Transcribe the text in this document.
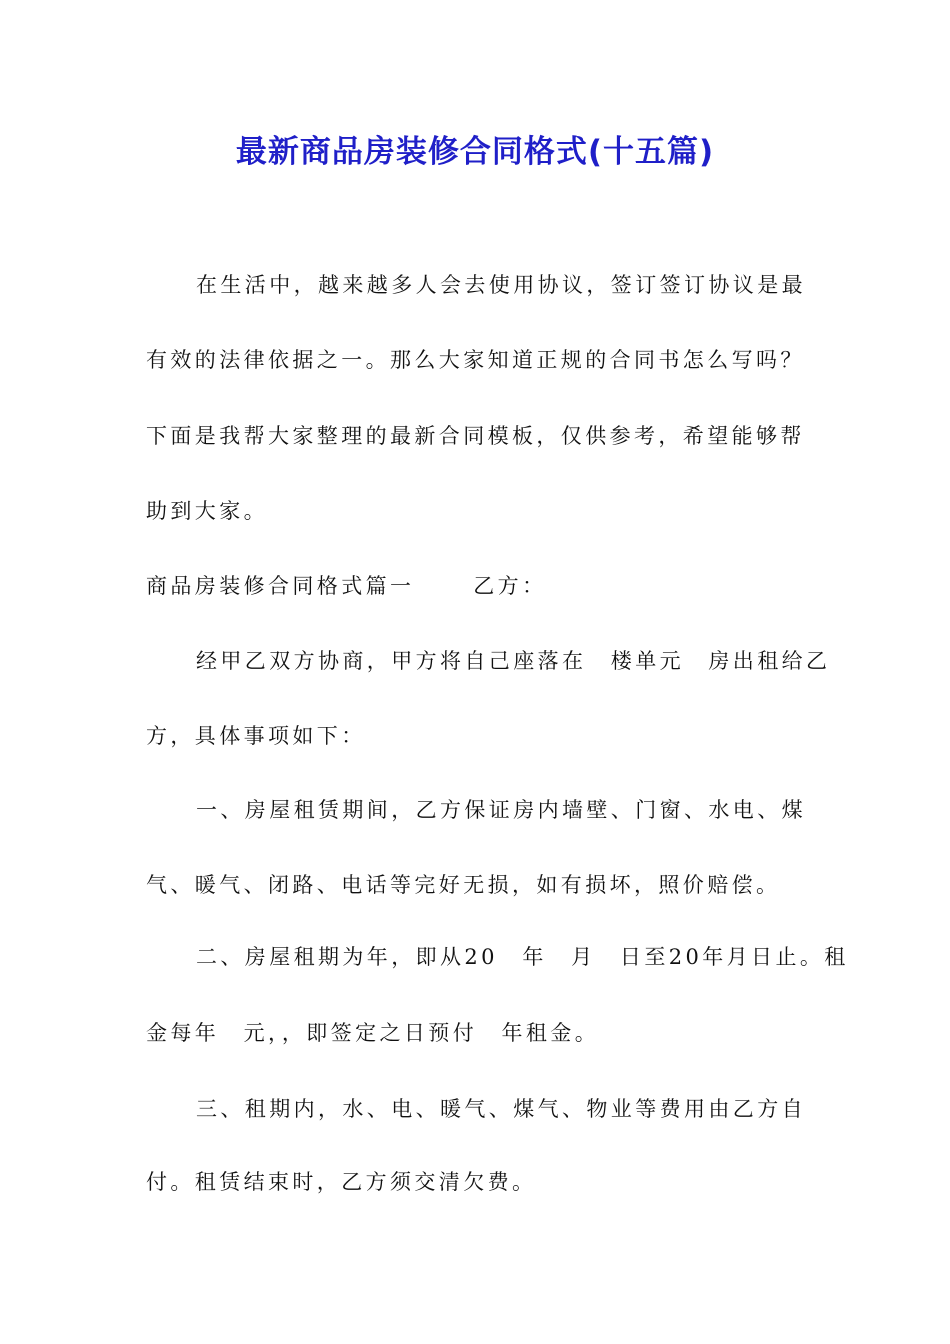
最新商品房装修合同格式(十五篇)

在生活中，越来越多人会去使用协议，签订签订协议是最

有效的法律依据之一。那么大家知道正规的合同书怎么写吗？

下面是我帮大家整理的最新合同模板，仅供参考，希望能够帮

助到大家。

商品房装修合同格式篇一　　 乙方：

经甲乙双方协商，甲方将自己座落在　楼单元　房出租给乙

方，具体事项如下：

一、房屋租赁期间，乙方保证房内墙壁、门窗、水电、煤

气、暖气、闭路、电话等完好无损，如有损坏，照价赔偿。

二、房屋租期为年，即从20　年　月　日至20年月日止。租

金每年　元，，即签定之日预付　年租金。

三、租期内，水、电、暖气、煤气、物业等费用由乙方自

付。租赁结束时，乙方须交清欠费。
